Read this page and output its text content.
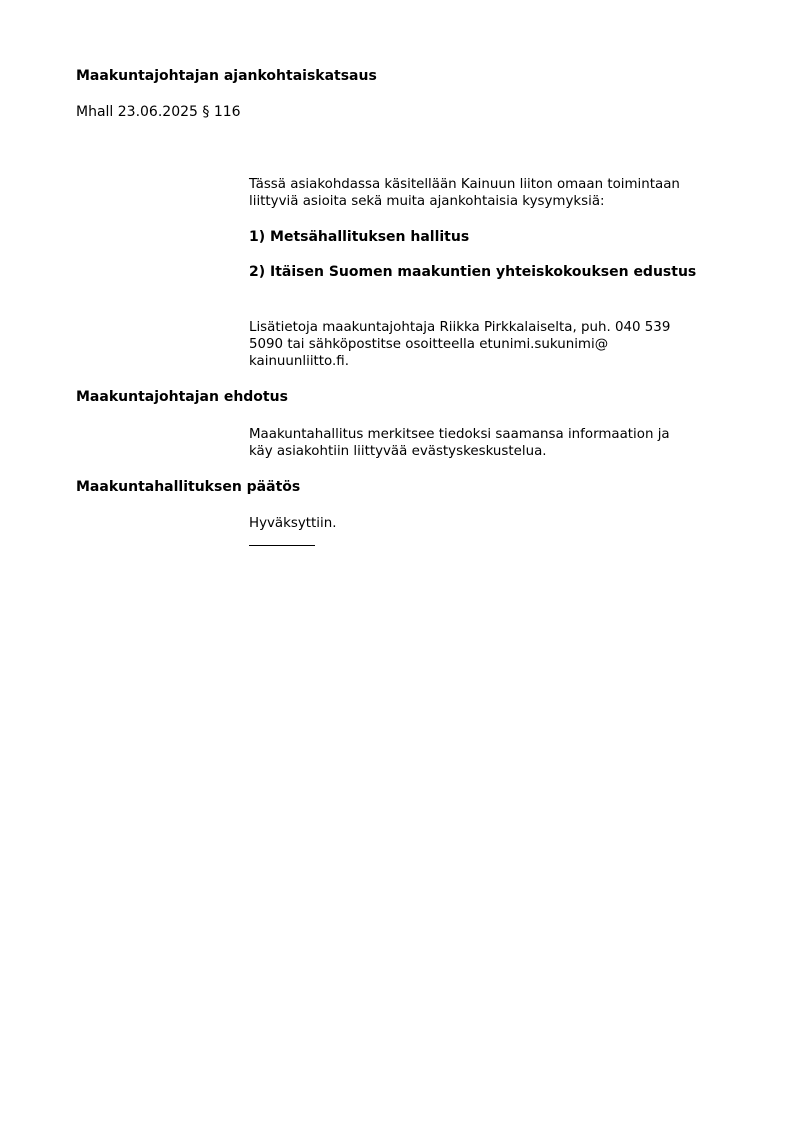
Maakuntajohtajan ajankohtaiskatsaus
Mhall 23.06.2025 § 116
Tässä asiakohdassa käsitellään Kainuun liiton omaan toimintaan
liittyviä asioita sekä muita ajankohtaisia kysymyksiä:
1) Metsähallituksen hallitus
2) Itäisen Suomen maakuntien yhteiskokouksen edustus
Lisätietoja maakuntajohtaja Riikka Pirkkalaiselta, puh. 040 539
5090 tai sähköpostitse osoitteella etunimi.sukunimi@
kainuunliitto.fi.
Maakuntajohtajan ehdotus
Maakuntahallitus merkitsee tiedoksi saamansa informaation ja
käy asiakohtiin liittyvää evästyskeskustelua.
Maakuntahallituksen päätös
Hyväksyttiin.
